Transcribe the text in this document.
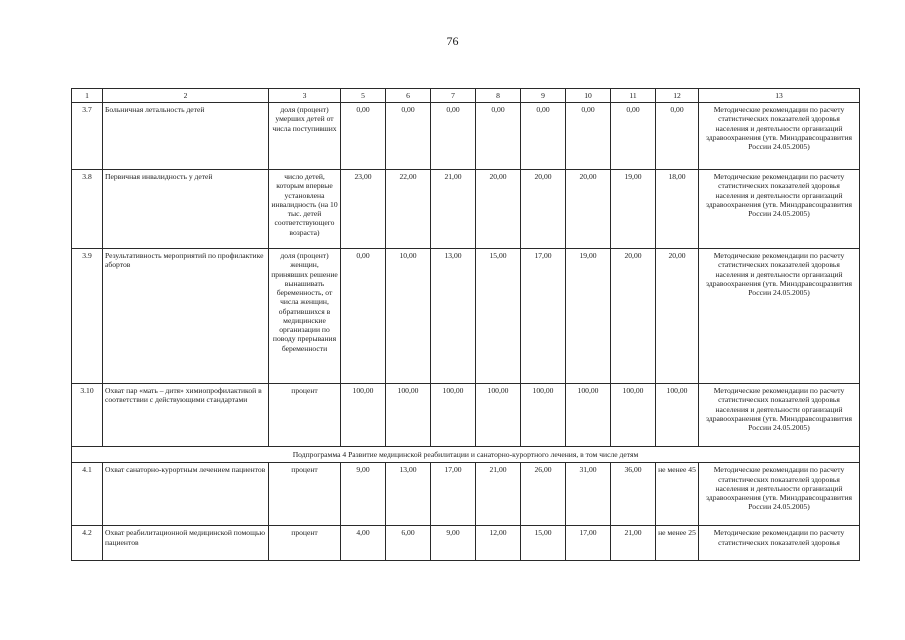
76
1	2	3	5	6	7	8	9	10	11	12	13
3.7	Больничная летальность детей	доля (процент) умерших детей от числа поступивших	0,00	0,00	0,00	0,00	0,00	0,00	0,00	0,00	Методические рекомендации по расчету статистических показателей здоровья населения и деятельности организаций здравоохранения (утв. Минздравсоцразвития России 24.05.2005)
3.8	Первичная инвалидность у детей	число детей, которым впервые установлена инвалидность (на 10 тыс. детей соответствующего возраста)	23,00	22,00	21,00	20,00	20,00	20,00	19,00	18,00	Методические рекомендации по расчету статистических показателей здоровья населения и деятельности организаций здравоохранения (утв. Минздравсоцразвития России 24.05.2005)
3.9	Результативность мероприятий по профилактике абортов	доля (процент) женщин, принявших решение вынашивать беременность, от числа женщин, обратившихся в медицинские организации по поводу прерывания беременности	0,00	10,00	13,00	15,00	17,00	19,00	20,00	20,00	Методические рекомендации по расчету статистических показателей здоровья населения и деятельности организаций здравоохранения (утв. Минздравсоцразвития России 24.05.2005)
3.10	Охват пар «мать – дитя» химиопрофилактикой в соответствии с действующими стандартами	процент	100,00	100,00	100,00	100,00	100,00	100,00	100,00	100,00	Методические рекомендации по расчету статистических показателей здоровья населения и деятельности организаций здравоохранения (утв. Минздравсоцразвития России 24.05.2005)
Подпрограмма 4 Развитие медицинской реабилитации и санаторно-курортного лечения, в том числе детям											
4.1	Охват санаторно-курортным лечением пациентов	процент	9,00	13,00	17,00	21,00	26,00	31,00	36,00	не менее 45	Методические рекомендации по расчету статистических показателей здоровья населения и деятельности организаций здравоохранения (утв. Минздравсоцразвития России 24.05.2005)
4.2	Охват реабилитационной медицинской помощью пациентов	процент	4,00	6,00	9,00	12,00	15,00	17,00	21,00	не менее 25	Методические рекомендации по расчету статистических показателей здоровья
